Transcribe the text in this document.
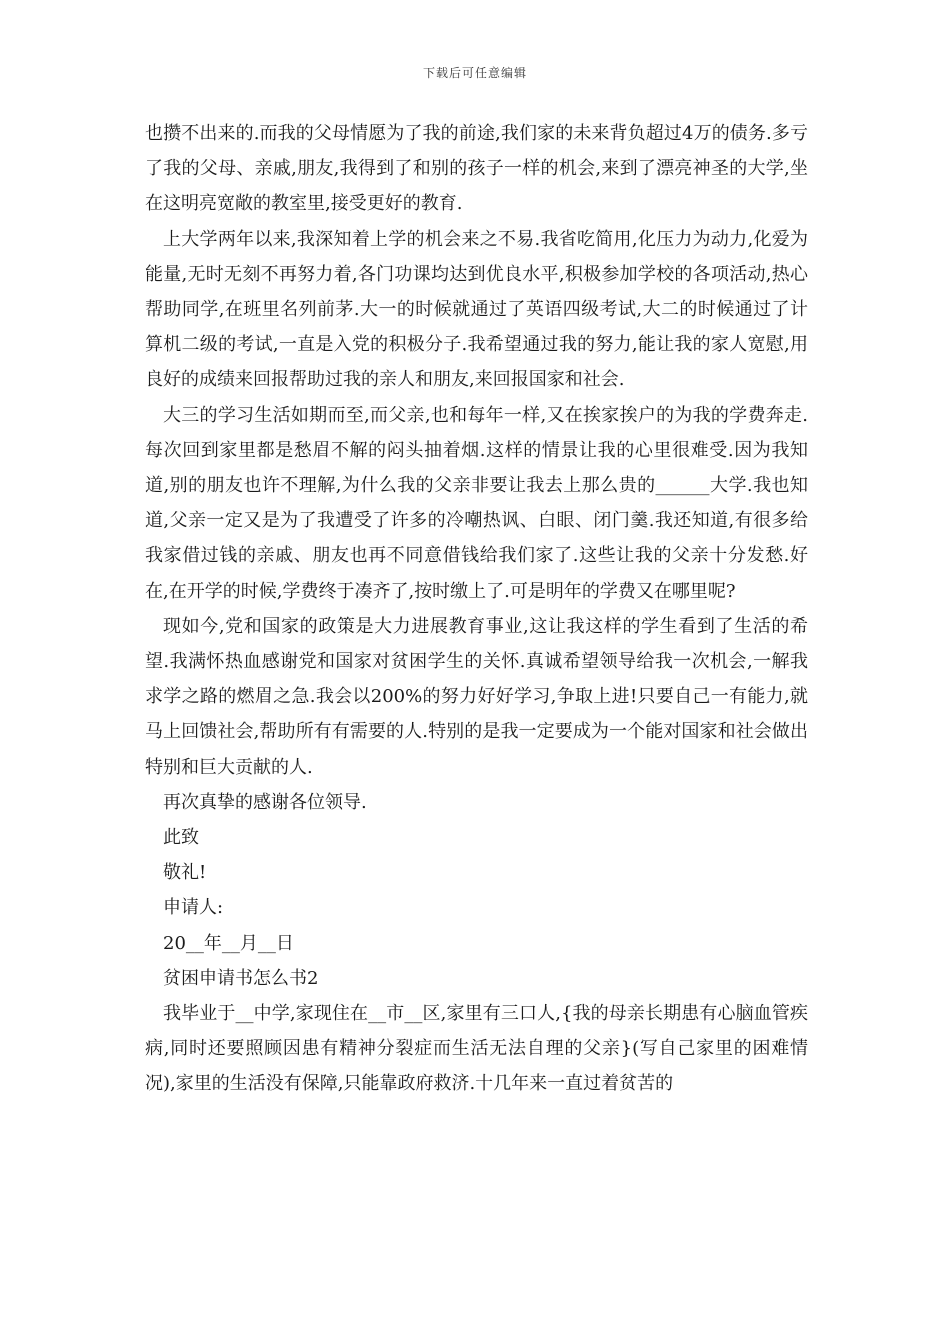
下载后可任意编辑

也攒不出来的.而我的父母情愿为了我的前途,我们家的未来背负超过4万的债务.多亏了我的父母、亲戚,朋友,我得到了和别的孩子一样的机会,来到了漂亮神圣的大学,坐在这明亮宽敞的教室里,接受更好的教育.

上大学两年以来,我深知着上学的机会来之不易.我省吃简用,化压力为动力,化爱为能量,无时无刻不再努力着,各门功课均达到优良水平,积极参加学校的各项活动,热心帮助同学,在班里名列前茅.大一的时候就通过了英语四级考试,大二的时候通过了计算机二级的考试,一直是入党的积极分子.我希望通过我的努力,能让我的家人宽慰,用良好的成绩来回报帮助过我的亲人和朋友,来回报国家和社会.

大三的学习生活如期而至,而父亲,也和每年一样,又在挨家挨户的为我的学费奔走.每次回到家里都是愁眉不解的闷头抽着烟.这样的情景让我的心里很难受.因为我知道,别的朋友也许不理解,为什么我的父亲非要让我去上那么贵的______大学.我也知道,父亲一定又是为了我遭受了许多的冷嘲热讽、白眼、闭门羹.我还知道,有很多给我家借过钱的亲戚、朋友也再不同意借钱给我们家了.这些让我的父亲十分发愁.好在,在开学的时候,学费终于凑齐了,按时缴上了.可是明年的学费又在哪里呢?

现如今,党和国家的政策是大力进展教育事业,这让我这样的学生看到了生活的希望.我满怀热血感谢党和国家对贫困学生的关怀.真诚希望领导给我一次机会,一解我求学之路的燃眉之急.我会以200%的努力好好学习,争取上进!只要自己一有能力,就马上回馈社会,帮助所有有需要的人.特别的是我一定要成为一个能对国家和社会做出特别和巨大贡献的人.

再次真挚的感谢各位领导.

此致

敬礼!

申请人:

20__年__月__日

贫困申请书怎么书2

我毕业于__中学,家现住在__市__区,家里有三口人,{我的母亲长期患有心脑血管疾病,同时还要照顾因患有精神分裂症而生活无法自理的父亲}(写自己家里的困难情况),家里的生活没有保障,只能靠政府救济.十几年来一直过着贫苦的
